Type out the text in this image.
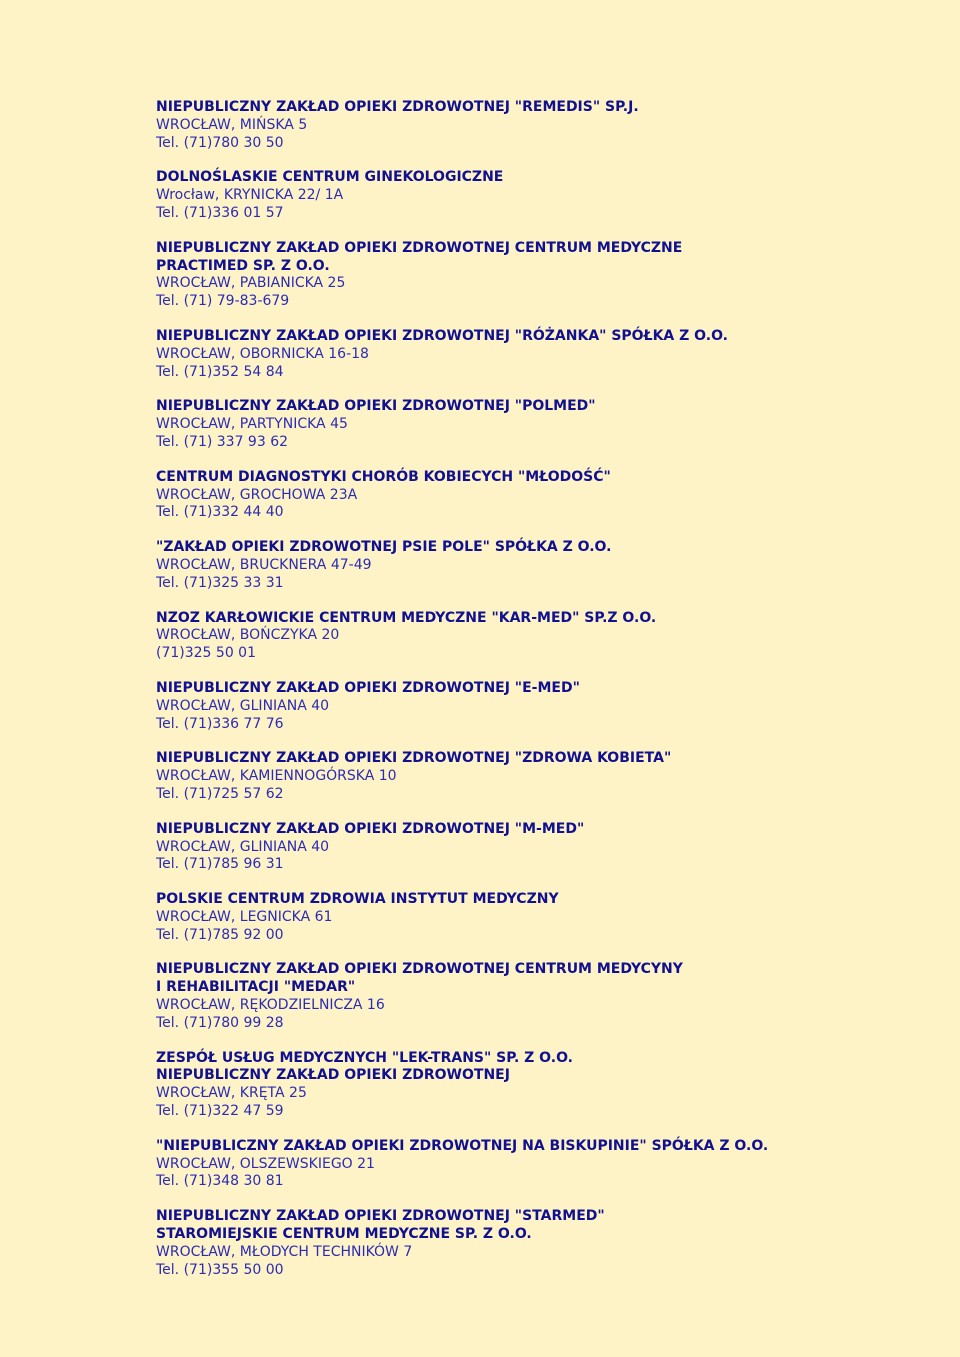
NIEPUBLICZNY ZAKŁAD OPIEKI ZDROWOTNEJ "REMEDIS" SP.J.
WROCŁAW, MIŃSKA 5
Tel. (71)780 30 50
DOLNOŚLASKIE CENTRUM GINEKOLOGICZNE
Wrocław, KRYNICKA 22/ 1A
Tel. (71)336 01 57
NIEPUBLICZNY ZAKŁAD OPIEKI ZDROWOTNEJ CENTRUM MEDYCZNE
PRACTIMED SP. Z O.O.
WROCŁAW, PABIANICKA 25
Tel. (71) 79-83-679
NIEPUBLICZNY ZAKŁAD OPIEKI ZDROWOTNEJ "RÓŻANKA" SPÓŁKA Z O.O.
WROCŁAW, OBORNICKA 16-18
Tel. (71)352 54 84
NIEPUBLICZNY ZAKŁAD OPIEKI ZDROWOTNEJ "POLMED"
WROCŁAW, PARTYNICKA 45
Tel. (71) 337 93 62
CENTRUM DIAGNOSTYKI CHORÓB KOBIECYCH "MŁODOŚĆ"
WROCŁAW, GROCHOWA 23A
Tel. (71)332 44 40
"ZAKŁAD OPIEKI ZDROWOTNEJ PSIE POLE" SPÓŁKA Z O.O.
WROCŁAW, BRUCKNERA 47-49
Tel. (71)325 33 31
NZOZ KARŁOWICKIE CENTRUM MEDYCZNE "KAR-MED" SP.Z O.O.
WROCŁAW, BOŃCZYKA 20
(71)325 50 01
NIEPUBLICZNY ZAKŁAD OPIEKI ZDROWOTNEJ "E-MED"
WROCŁAW, GLINIANA 40
Tel. (71)336 77 76
NIEPUBLICZNY ZAKŁAD OPIEKI ZDROWOTNEJ "ZDROWA KOBIETA"
WROCŁAW, KAMIENNOGÓRSKA 10
Tel. (71)725 57 62
NIEPUBLICZNY ZAKŁAD OPIEKI ZDROWOTNEJ "M-MED"
WROCŁAW, GLINIANA 40
Tel. (71)785 96 31
POLSKIE CENTRUM ZDROWIA INSTYTUT MEDYCZNY
WROCŁAW, LEGNICKA 61
Tel. (71)785 92 00
NIEPUBLICZNY ZAKŁAD OPIEKI ZDROWOTNEJ CENTRUM MEDYCYNY
I REHABILITACJI "MEDAR"
WROCŁAW, RĘKODZIELNICZA 16
Tel. (71)780 99 28
ZESPÓŁ USŁUG MEDYCZNYCH "LEK-TRANS" SP. Z O.O.
NIEPUBLICZNY ZAKŁAD OPIEKI ZDROWOTNEJ
WROCŁAW, KRĘTA 25
Tel. (71)322 47 59
"NIEPUBLICZNY ZAKŁAD OPIEKI ZDROWOTNEJ NA BISKUPINIE" SPÓŁKA Z O.O.
WROCŁAW, OLSZEWSKIEGO 21
Tel. (71)348 30 81
NIEPUBLICZNY ZAKŁAD OPIEKI ZDROWOTNEJ "STARMED"
STAROMIEJSKIE CENTRUM MEDYCZNE SP. Z O.O.
WROCŁAW, MŁODYCH TECHNIKÓW 7
Tel. (71)355 50 00
